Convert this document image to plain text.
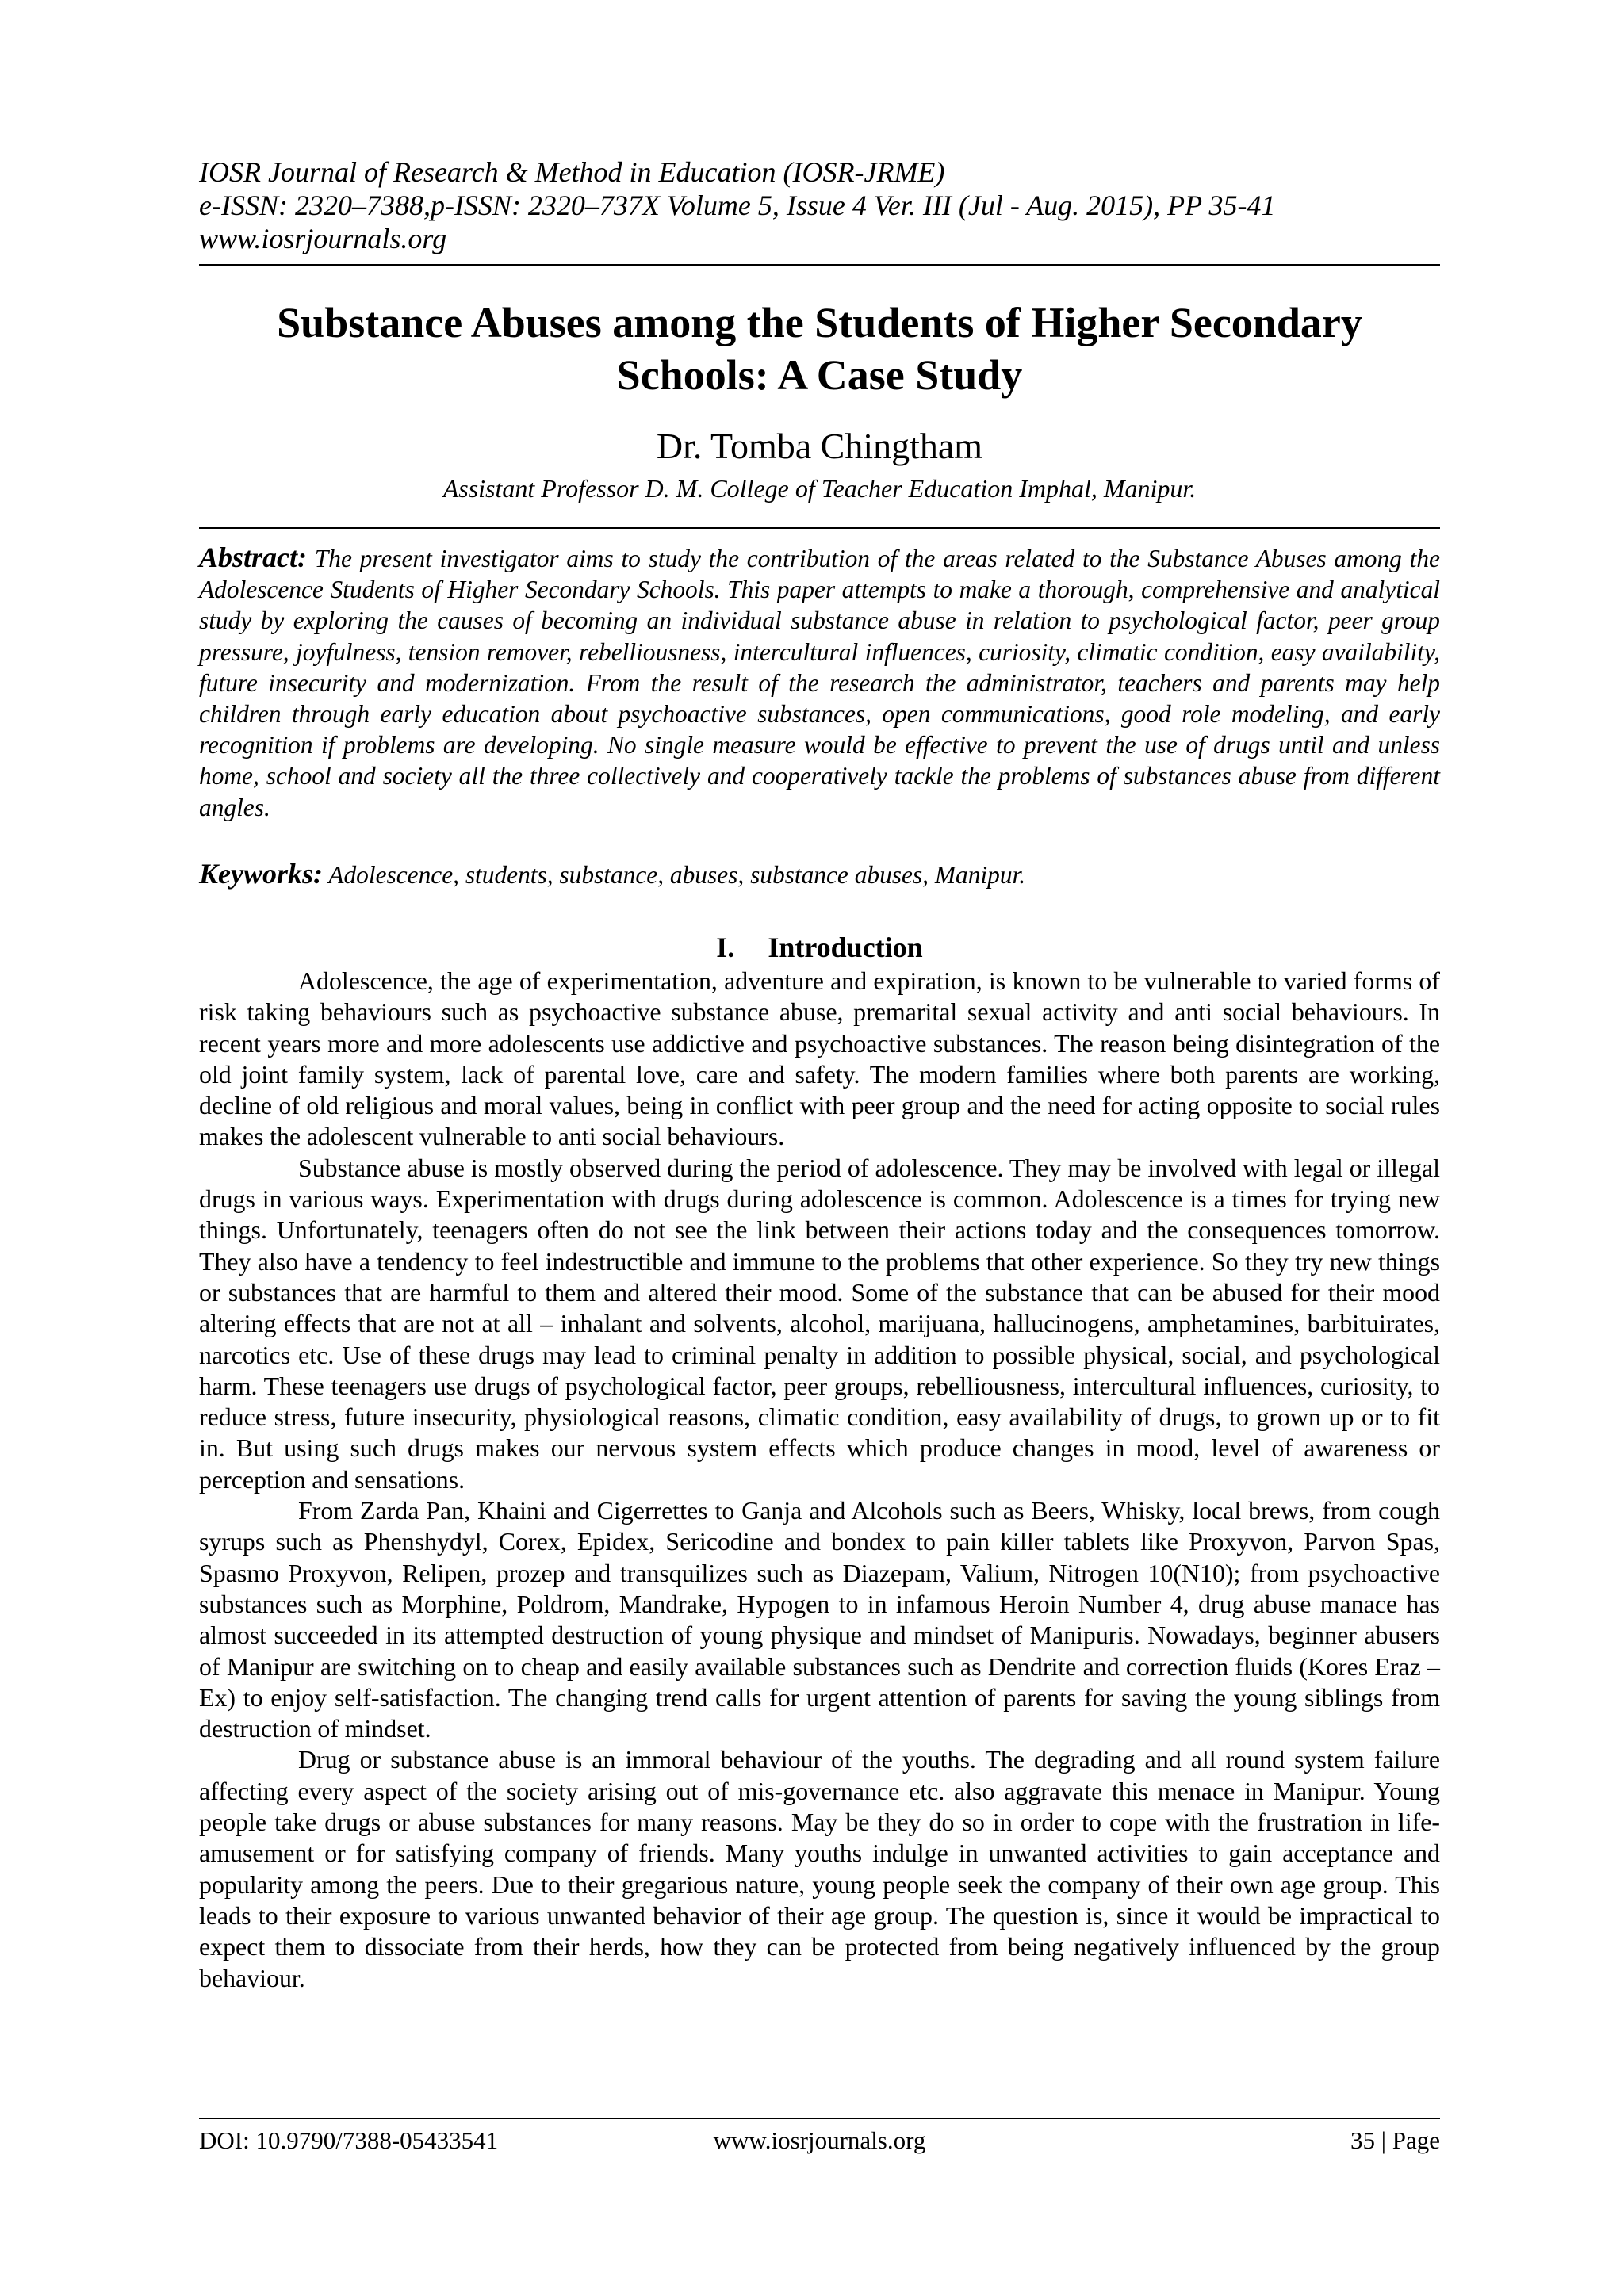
IOSR Journal of Research & Method in Education (IOSR-JRME)
e-ISSN: 2320–7388,p-ISSN: 2320–737X Volume 5, Issue 4 Ver. III (Jul - Aug. 2015), PP 35-41
www.iosrjournals.org
Substance Abuses among the Students of Higher Secondary
Schools: A Case Study
Dr. Tomba Chingtham
Assistant Professor D. M. College of Teacher Education Imphal, Manipur.
Abstract: The present investigator aims to study the contribution of the areas related to the Substance Abuses among the Adolescence Students of Higher Secondary Schools. This paper attempts to make a thorough, comprehensive and analytical study by exploring the causes of becoming an individual substance abuse in relation to psychological factor, peer group pressure, joyfulness, tension remover, rebelliousness, intercultural influences, curiosity, climatic condition, easy availability, future insecurity and modernization. From the result of the research the administrator, teachers and parents may help children through early education about psychoactive substances, open communications, good role modeling, and early recognition if problems are developing. No single measure would be effective to prevent the use of drugs until and unless home, school and society all the three collectively and cooperatively tackle the problems of substances abuse from different angles.
Keyworks: Adolescence, students, substance, abuses, substance abuses, Manipur.
I. Introduction

Adolescence, the age of experimentation, adventure and expiration, is known to be vulnerable to varied forms of risk taking behaviours such as psychoactive substance abuse, premarital sexual activity and anti social behaviours. In recent years more and more adolescents use addictive and psychoactive substances. The reason being disintegration of the old joint family system, lack of parental love, care and safety. The modern families where both parents are working, decline of old religious and moral values, being in conflict with peer group and the need for acting opposite to social rules makes the adolescent vulnerable to anti social behaviours.

Substance abuse is mostly observed during the period of adolescence. They may be involved with legal or illegal drugs in various ways. Experimentation with drugs during adolescence is common. Adolescence is a times for trying new things. Unfortunately, teenagers often do not see the link between their actions today and the consequences tomorrow. They also have a tendency to feel indestructible and immune to the problems that other experience. So they try new things or substances that are harmful to them and altered their mood. Some of the substance that can be abused for their mood altering effects that are not at all – inhalant and solvents, alcohol, marijuana, hallucinogens, amphetamines, barbituirates, narcotics etc. Use of these drugs may lead to criminal penalty in addition to possible physical, social, and psychological harm. These teenagers use drugs of psychological factor, peer groups, rebelliousness, intercultural influences, curiosity, to reduce stress, future insecurity, physiological reasons, climatic condition, easy availability of drugs, to grown up or to fit in. But using such drugs makes our nervous system effects which produce changes in mood, level of awareness or perception and sensations.

From Zarda Pan, Khaini and Cigerrettes to Ganja and Alcohols such as Beers, Whisky, local brews, from cough syrups such as Phenshydyl, Corex, Epidex, Sericodine and bondex to pain killer tablets like Proxyvon, Parvon Spas, Spasmo Proxyvon, Relipen, prozep and transquilizes such as Diazepam, Valium, Nitrogen 10(N10); from psychoactive substances such as Morphine, Poldrom, Mandrake, Hypogen to in infamous Heroin Number 4, drug abuse manace has almost succeeded in its attempted destruction of young physique and mindset of Manipuris. Nowadays, beginner abusers of Manipur are switching on to cheap and easily available substances such as Dendrite and correction fluids (Kores Eraz –Ex) to enjoy self-satisfaction. The changing trend calls for urgent attention of parents for saving the young siblings from destruction of mindset.

Drug or substance abuse is an immoral behaviour of the youths. The degrading and all round system failure affecting every aspect of the society arising out of mis-governance etc. also aggravate this menace in Manipur. Young people take drugs or abuse substances for many reasons. May be they do so in order to cope with the frustration in life-amusement or for satisfying company of friends. Many youths indulge in unwanted activities to gain acceptance and popularity among the peers. Due to their gregarious nature, young people seek the company of their own age group. This leads to their exposure to various unwanted behavior of their age group. The question is, since it would be impractical to expect them to dissociate from their herds, how they can be protected from being negatively influenced by the group behaviour.

DOI: 10.9790/7388-05433541	www.iosrjournals.org	35 | Page
